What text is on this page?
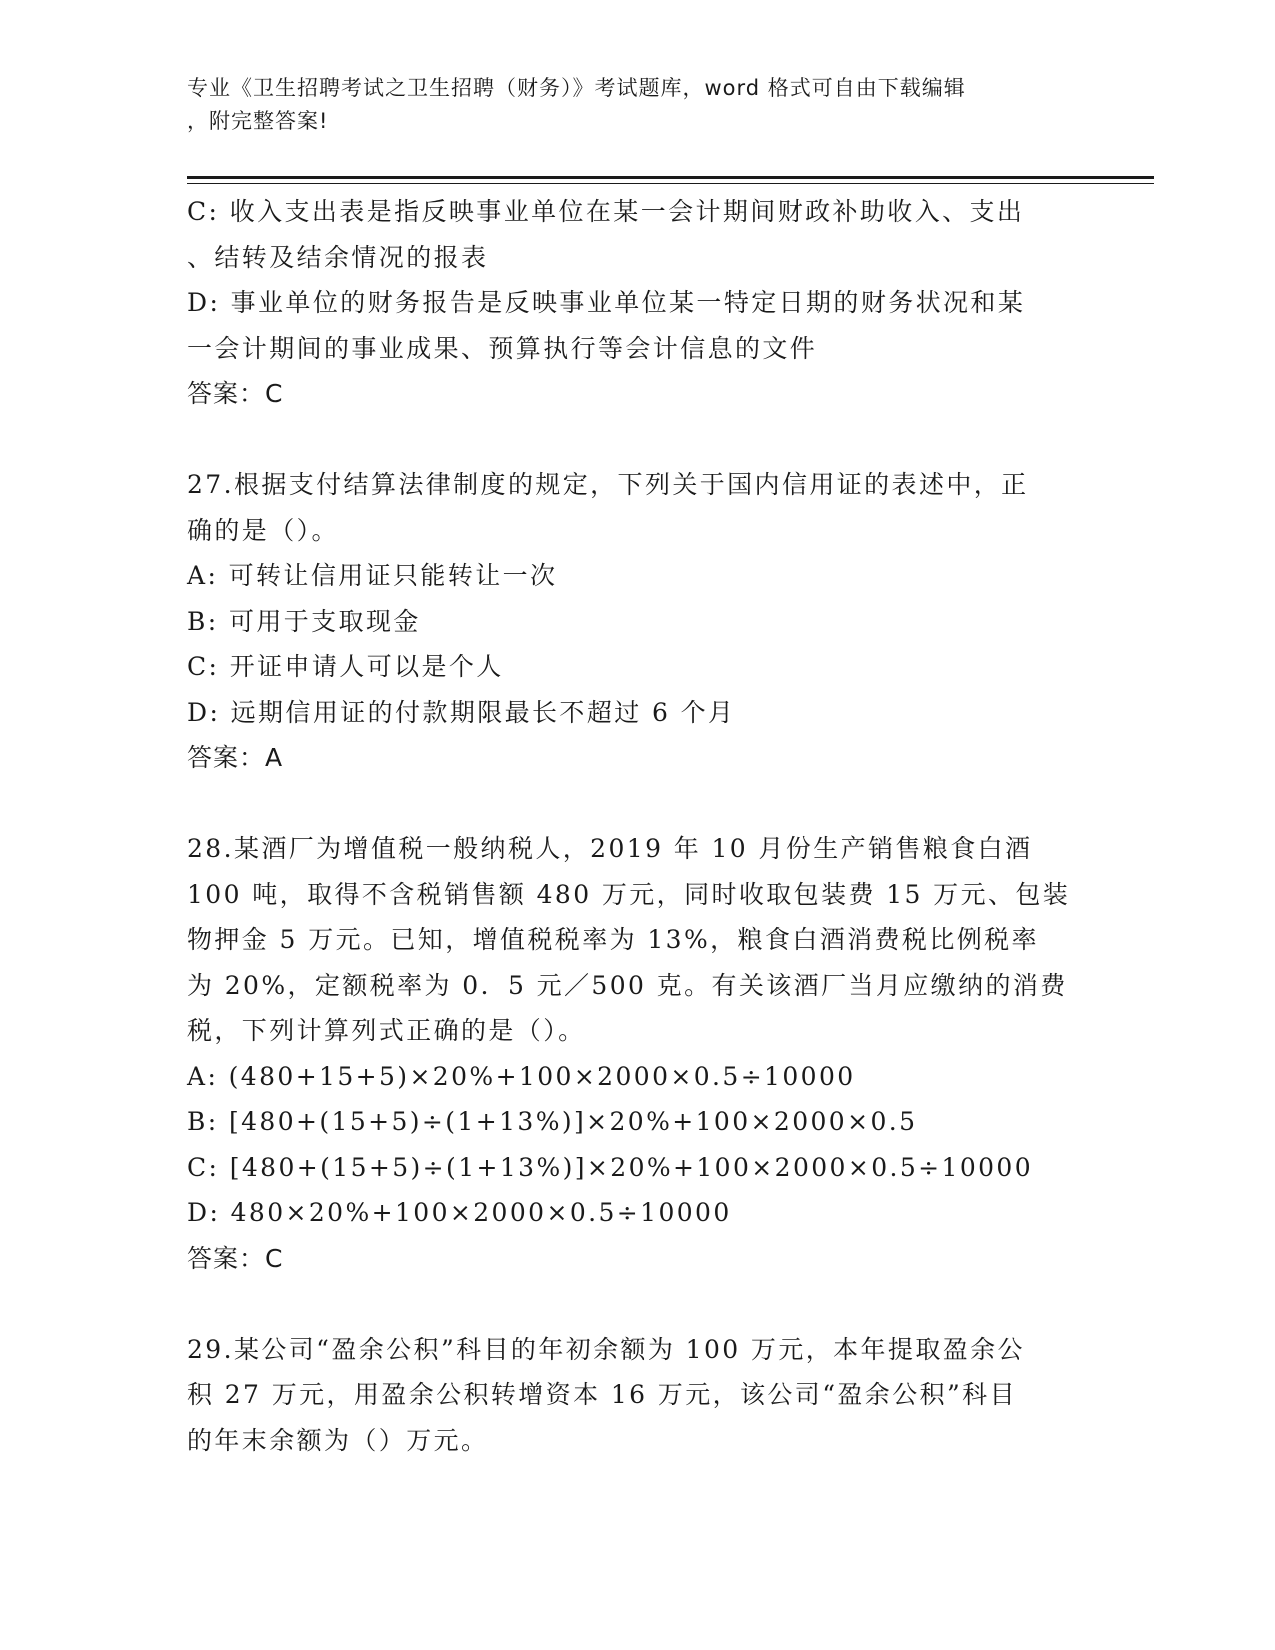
专业《卫生招聘考试之卫生招聘（财务）》考试题库，word 格式可自由下载编辑
，附完整答案!
C: 收入支出表是指反映事业单位在某一会计期间财政补助收入、支出
、结转及结余情况的报表
D: 事业单位的财务报告是反映事业单位某一特定日期的财务状况和某
一会计期间的事业成果、预算执行等会计信息的文件
答案：C
27.根据支付结算法律制度的规定，下列关于国内信用证的表述中，正
确的是（）。
A: 可转让信用证只能转让一次
B: 可用于支取现金
C: 开证申请人可以是个人
D: 远期信用证的付款期限最长不超过 6 个月
答案：A
28.某酒厂为增值税一般纳税人，2019 年 10 月份生产销售粮食白酒
100 吨，取得不含税销售额 480 万元，同时收取包装费 15 万元、包装
物押金 5 万元。已知，增值税税率为 13%，粮食白酒消费税比例税率
为 20%，定额税率为 0．5 元／500 克。有关该酒厂当月应缴纳的消费
税，下列计算列式正确的是（）。
A: (480+15+5)×20%+100×2000×0.5÷10000
B: [480+(15+5)÷(1+13%)]×20%+100×2000×0.5
C: [480+(15+5)÷(1+13%)]×20%+100×2000×0.5÷10000
D: 480×20%+100×2000×0.5÷10000
答案：C
29.某公司“盈余公积”科目的年初余额为 100 万元，本年提取盈余公
积 27 万元，用盈余公积转增资本 16 万元，该公司“盈余公积”科目
的年末余额为（）万元。
